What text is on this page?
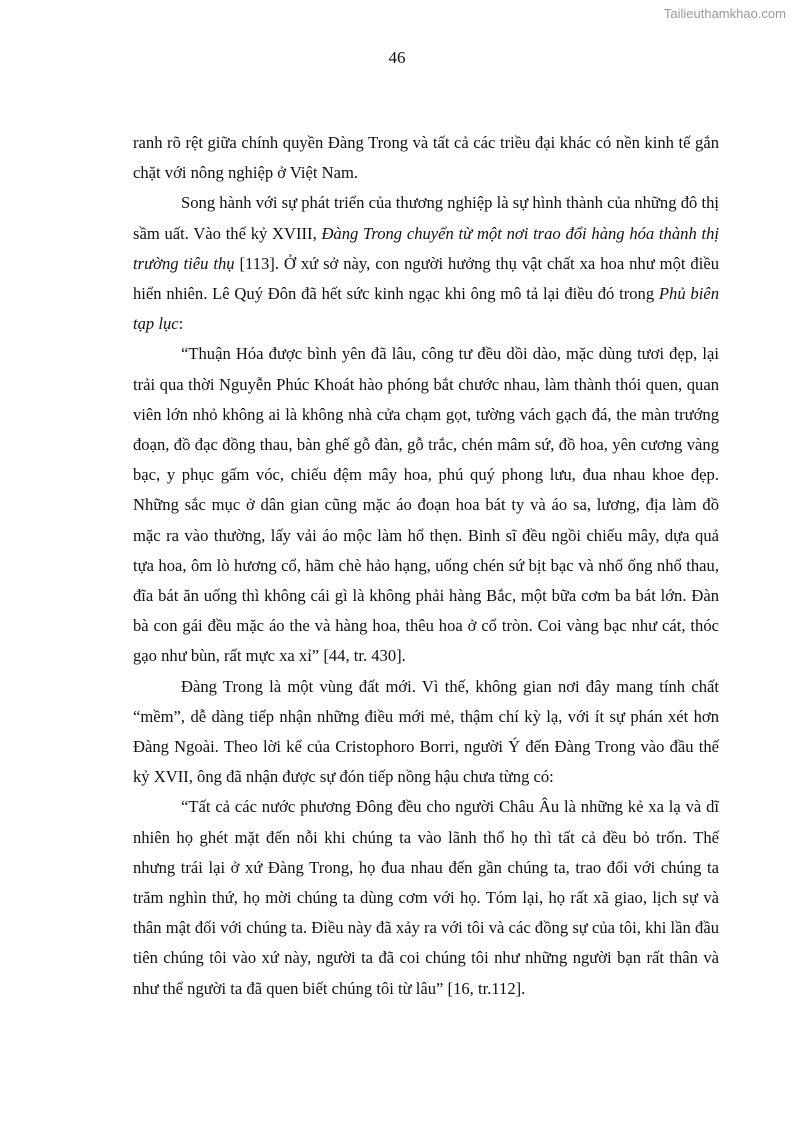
Tailieuthamkhao.com
46

ranh rõ rệt giữa chính quyền Đàng Trong và tất cả các triều đại khác có nền kinh tế gắn chặt với nông nghiệp ở Việt Nam.

Song hành với sự phát triển của thương nghiệp là sự hình thành của những đô thị sầm uất. Vào thế kỷ XVIII, Đàng Trong chuyển từ một nơi trao đổi hàng hóa thành thị trường tiêu thụ [113]. Ở xứ sở này, con người hưởng thụ vật chất xa hoa như một điều hiển nhiên. Lê Quý Đôn đã hết sức kinh ngạc khi ông mô tả lại điều đó trong Phủ biên tạp lục:

“Thuận Hóa được bình yên đã lâu, công tư đều dồi dào, mặc dùng tươi đẹp, lại trải qua thời Nguyễn Phúc Khoát hào phóng bắt chước nhau, làm thành thói quen, quan viên lớn nhỏ không ai là không nhà cửa chạm gọt, tường vách gạch đá, the màn trướng đoạn, đồ đạc đồng thau, bàn ghế gỗ đàn, gỗ trắc, chén mâm sứ, đồ hoa, yên cương vàng bạc, y phục gấm vóc, chiếu đệm mây hoa, phú quý phong lưu, đua nhau khoe đẹp. Những sắc mục ở dân gian cũng mặc áo đoạn hoa bát ty và áo sa, lương, địa làm đồ mặc ra vào thường, lấy vải áo mộc làm hổ thẹn. Binh sĩ đều ngồi chiếu mây, dựa quả tựa hoa, ôm lò hương cổ, hãm chè hảo hạng, uống chén sứ bịt bạc và nhổ ống nhổ thau, đĩa bát ăn uống thì không cái gì là không phải hàng Bắc, một bữa cơm ba bát lớn. Đàn bà con gái đều mặc áo the và hàng hoa, thêu hoa ở cổ tròn. Coi vàng bạc như cát, thóc gạo như bùn, rất mực xa xỉ” [44, tr. 430].

Đàng Trong là một vùng đất mới. Vì thế, không gian nơi đây mang tính chất “mềm”, dễ dàng tiếp nhận những điều mới mẻ, thậm chí kỳ lạ, với ít sự phán xét hơn Đàng Ngoài. Theo lời kể của Cristophoro Borri, người Ý đến Đàng Trong vào đầu thế kỷ XVII, ông đã nhận được sự đón tiếp nồng hậu chưa từng có:

“Tất cả các nước phương Đông đều cho người Châu Âu là những kẻ xa lạ và dĩ nhiên họ ghét mặt đến nỗi khi chúng ta vào lãnh thổ họ thì tất cả đều bỏ trốn. Thế nhưng trái lại ở xứ Đàng Trong, họ đua nhau đến gần chúng ta, trao đổi với chúng ta trăm nghìn thứ, họ mời chúng ta dùng cơm với họ. Tóm lại, họ rất xã giao, lịch sự và thân mật đối với chúng ta. Điều này đã xảy ra với tôi và các đồng sự của tôi, khi lần đầu tiên chúng tôi vào xứ này, người ta đã coi chúng tôi như những người bạn rất thân và như thể người ta đã quen biết chúng tôi từ lâu” [16, tr.112].
